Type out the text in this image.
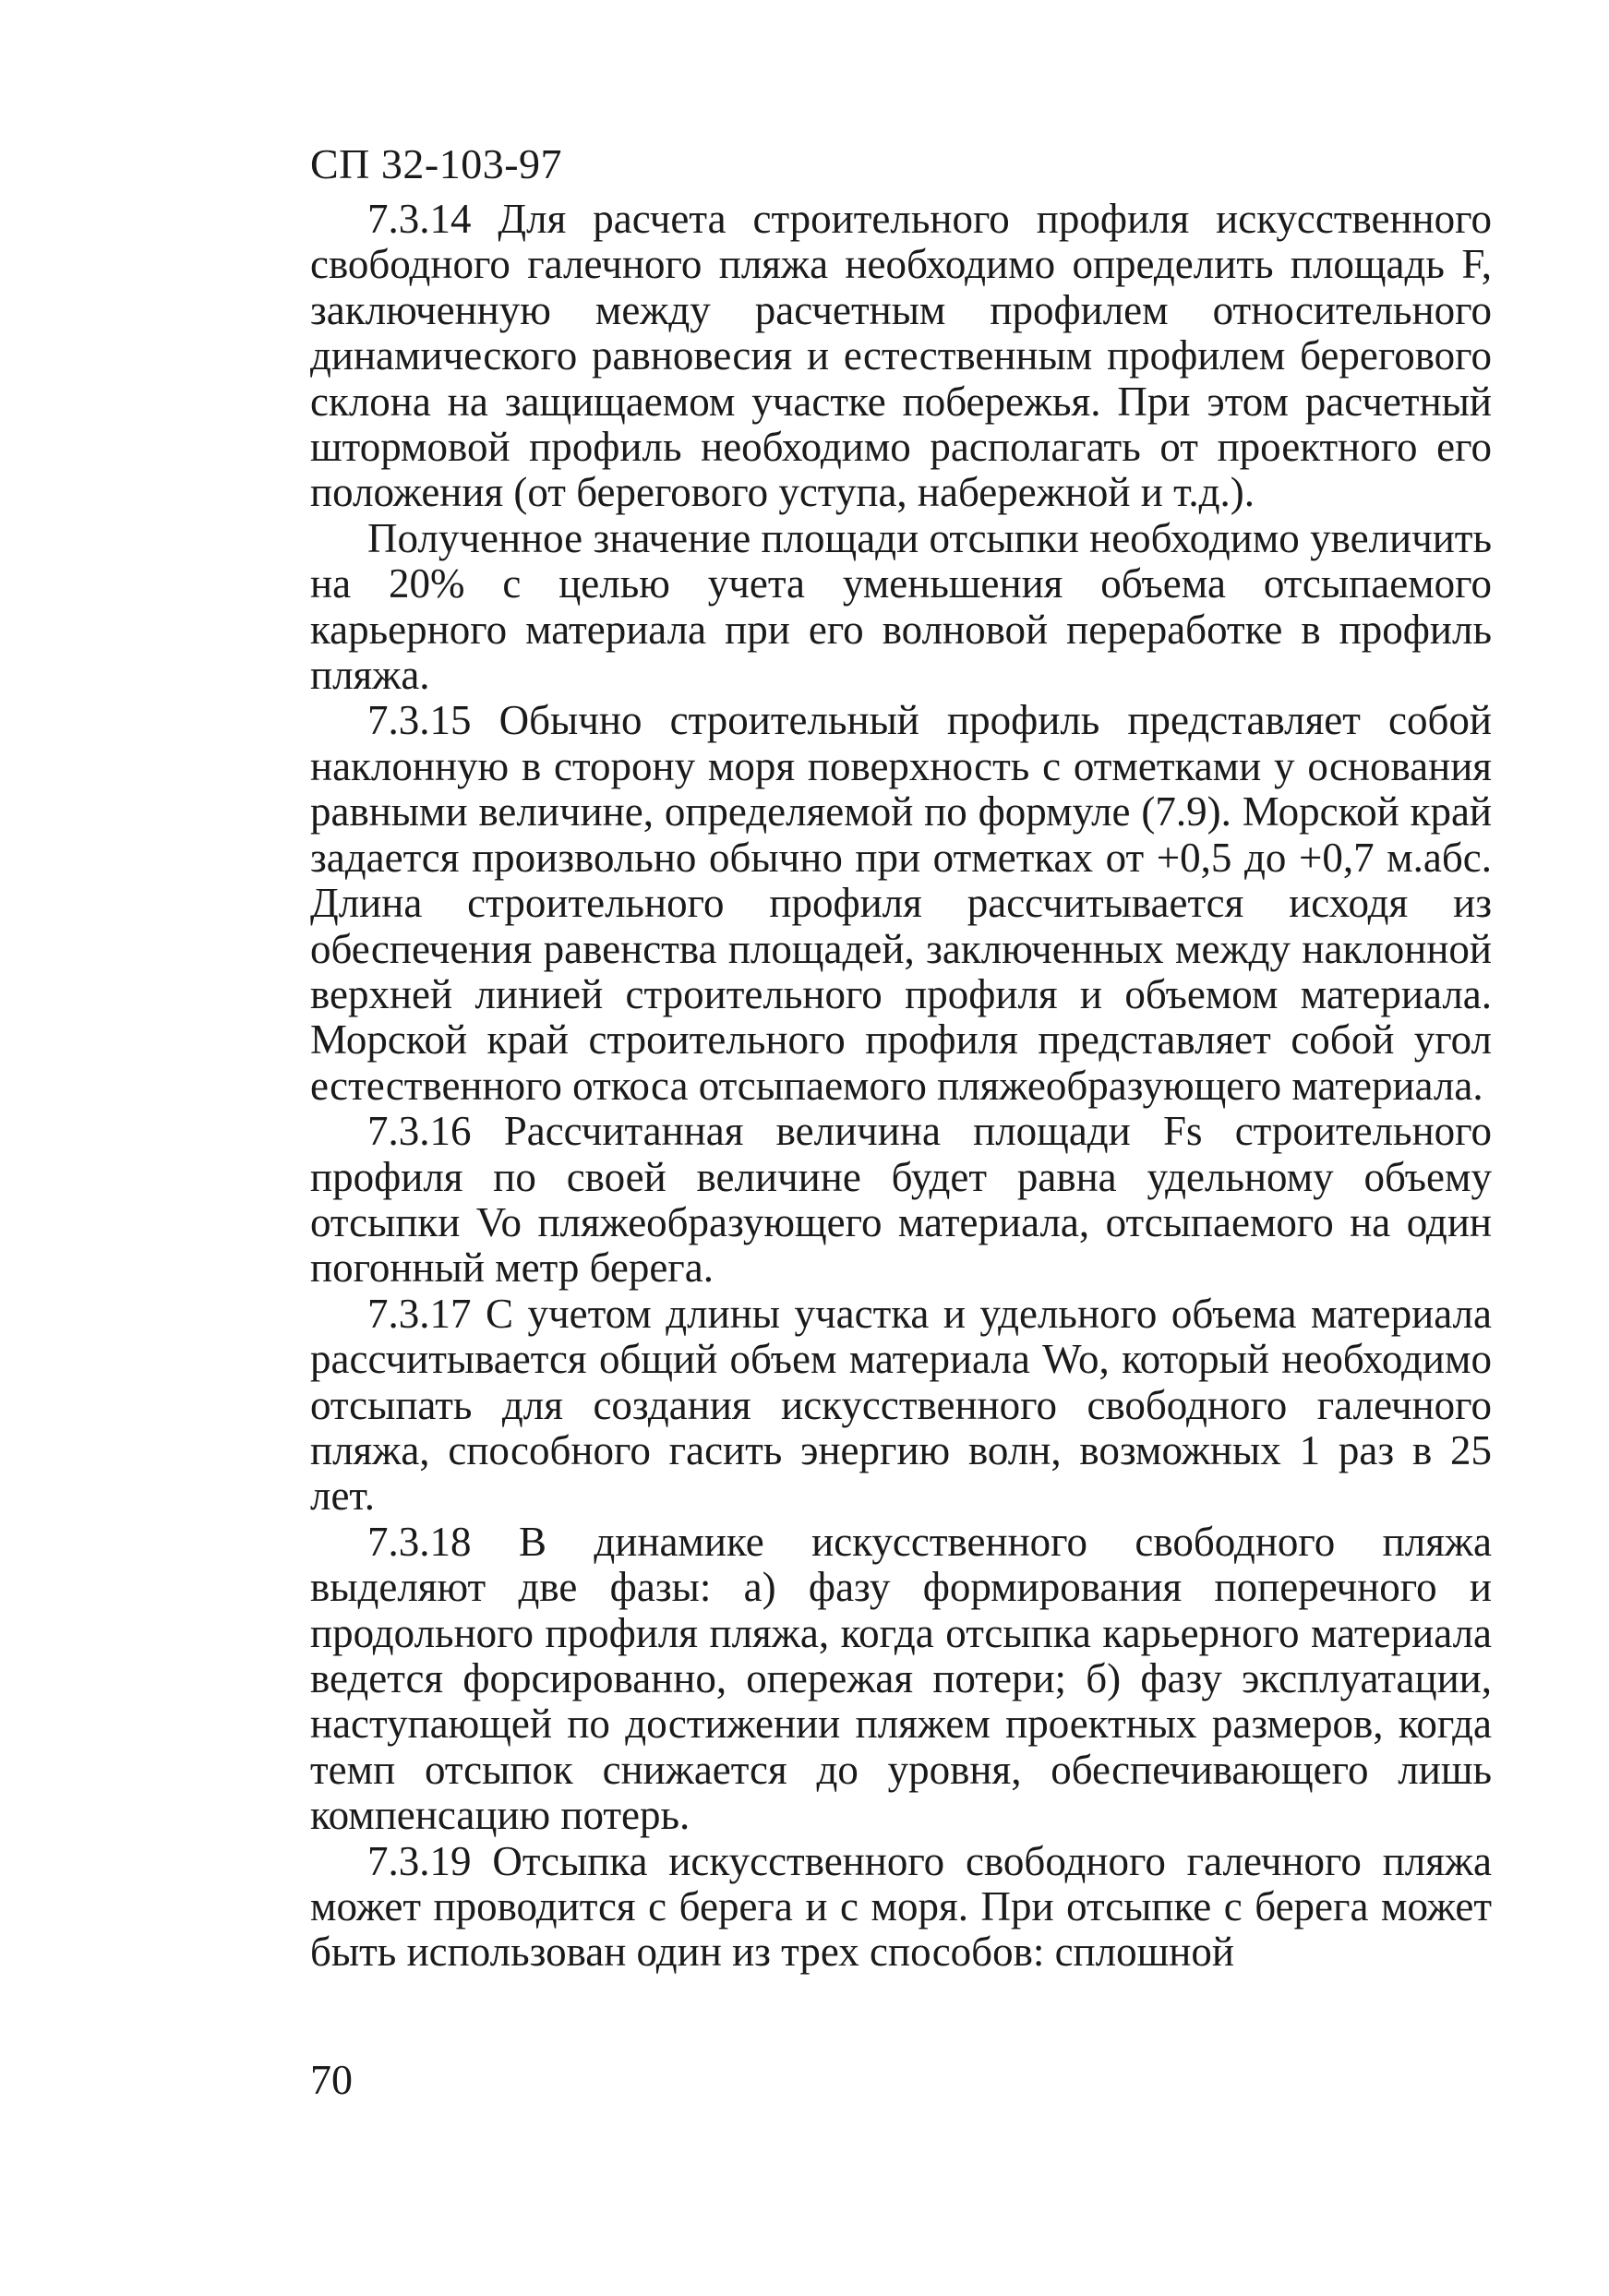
СП 32-103-97

7.3.14 Для расчета строительного профиля искусственного свободного галечного пляжа необходимо определить площадь F, заключенную между расчетным профилем относительного динамического равновесия и естественным профилем берегового склона на защищаемом участке побережья. При этом расчетный штормовой профиль необходимо располагать от проектного его положения (от берегового уступа, набережной и т.д.).

Полученное значение площади отсыпки необходимо увеличить на 20% с целью учета уменьшения объема отсыпаемого карьерного материала при его волновой переработке в профиль пляжа.

7.3.15 Обычно строительный профиль представляет собой наклонную в сторону моря поверхность с отметками у основания равными величине, определяемой по формуле (7.9). Морской край задается произвольно обычно при отметках от +0,5 до +0,7 м.абс. Длина строительного профиля рассчитывается исходя из обеспечения равенства площадей, заключенных между наклонной верхней линией строительного профиля и объемом материала. Морской край строительного профиля представляет собой угол естественного откоса отсыпаемого пляжеобразующего материала.

7.3.16 Рассчитанная величина площади Fs строительного профиля по своей величине будет равна удельному объему отсыпки Vo пляжеобразующего материала, отсыпаемого на один погонный метр берега.

7.3.17 С учетом длины участка и удельного объема материала рассчитывается общий объем материала Wo, который необходимо отсыпать для создания искусственного свободного галечного пляжа, способного гасить энергию волн, возможных 1 раз в 25 лет.

7.3.18 В динамике искусственного свободного пляжа выделяют две фазы: а) фазу формирования поперечного и продольного профиля пляжа, когда отсыпка карьерного материала ведется форсированно, опережая потери; б) фазу эксплуатации, наступающей по достижении пляжем проектных размеров, когда темп отсыпок снижается до уровня, обеспечивающего лишь компенсацию потерь.

7.3.19 Отсыпка искусственного свободного галечного пляжа может проводится с берега и с моря. При отсыпке с берега может быть использован один из трех способов: сплошной

70
